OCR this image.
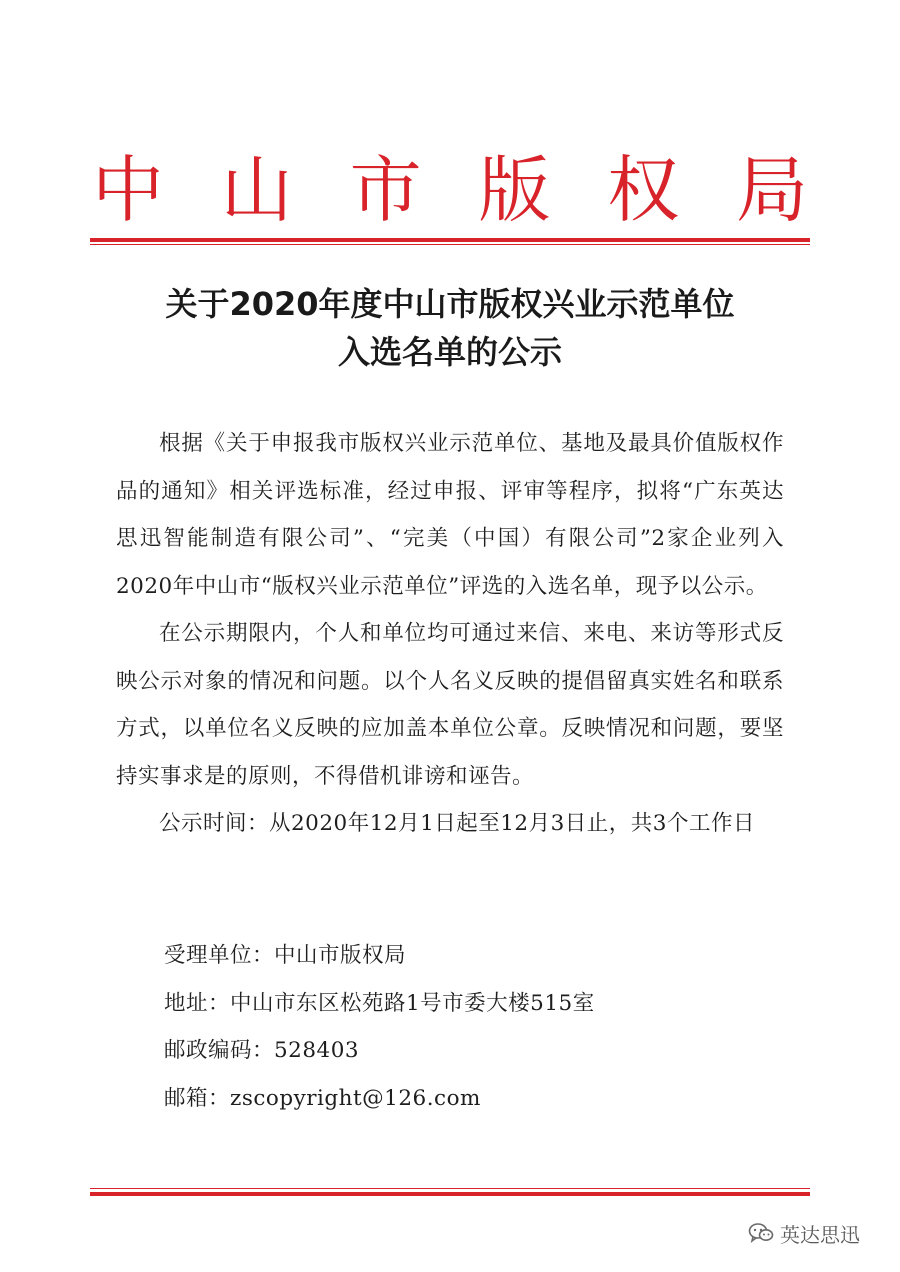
中 山 市 版 权 局
关于2020年度中山市版权兴业示范单位
入选名单的公示

根据《关于申报我市版权兴业示范单位、基地及最具价值版权作品的通知》相关评选标准，经过申报、评审等程序，拟将“广东英达思迅智能制造有限公司”、“完美（中国）有限公司”2家企业列入2020年中山市“版权兴业示范单位”评选的入选名单，现予以公示。

在公示期限内，个人和单位均可通过来信、来电、来访等形式反映公示对象的情况和问题。以个人名义反映的提倡留真实姓名和联系方式，以单位名义反映的应加盖本单位公章。反映情况和问题，要坚持实事求是的原则，不得借机诽谤和诬告。

公示时间：从2020年12月1日起至12月3日止，共3个工作日

受理单位：中山市版权局
地址：中山市东区松苑路1号市委大楼515室
邮政编码：528403
邮箱：zscopyright@126.com
英达思迅
